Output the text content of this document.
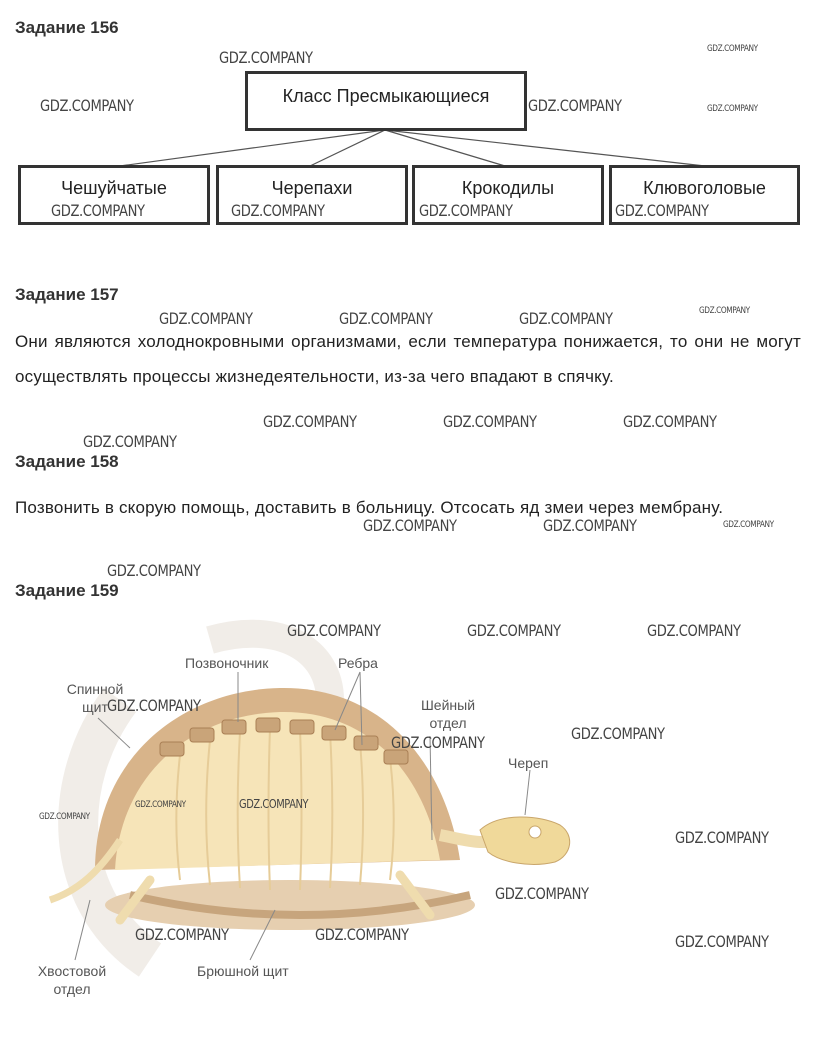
Задание 156
Класс Пресмыкающиеся
Чешуйчатые	Черепахи	Крокодилы	Клювоголовые
Задание 157
Они являются холоднокровными организмами, если температура понижается, то они не могут осуществлять процессы жизнедеятельности, из-за чего впадают в спячку.
Задание 158
Позвонить в скорую помощь, доставить в больницу. Отсосать яд змеи через мембрану.
Задание 159
Позвоночник	Ребра
Спинной щит	Шейный отдел
Череп
Хвостовой отдел
Брюшной щит
GDZ.COMPANY	GDZ.COMPANY
GDZ.COMPANY	GDZ.COMPANY	GDZ.COMPANY
GDZ.COMPANY	GDZ.COMPANY	GDZ.COMPANY	GDZ.COMPANY
GDZ.COMPANY	GDZ.COMPANY	GDZ.COMPANY	GDZ.COMPANY
GDZ.COMPANY	GDZ.COMPANY	GDZ.COMPANY
GDZ.COMPANY
GDZ.COMPANY	GDZ.COMPANY	GDZ.COMPANY
GDZ.COMPANY
GDZ.COMPANY	GDZ.COMPANY	GDZ.COMPANY
GDZ.COMPANY
GDZ.COMPANY
GDZ.COMPANY
GDZ.COMPANY	GDZ.COMPANY
GDZ.COMPANY
GDZ.COMPANY
GDZ.COMPANY
GDZ.COMPANY	GDZ.COMPANY	GDZ.COMPANY
